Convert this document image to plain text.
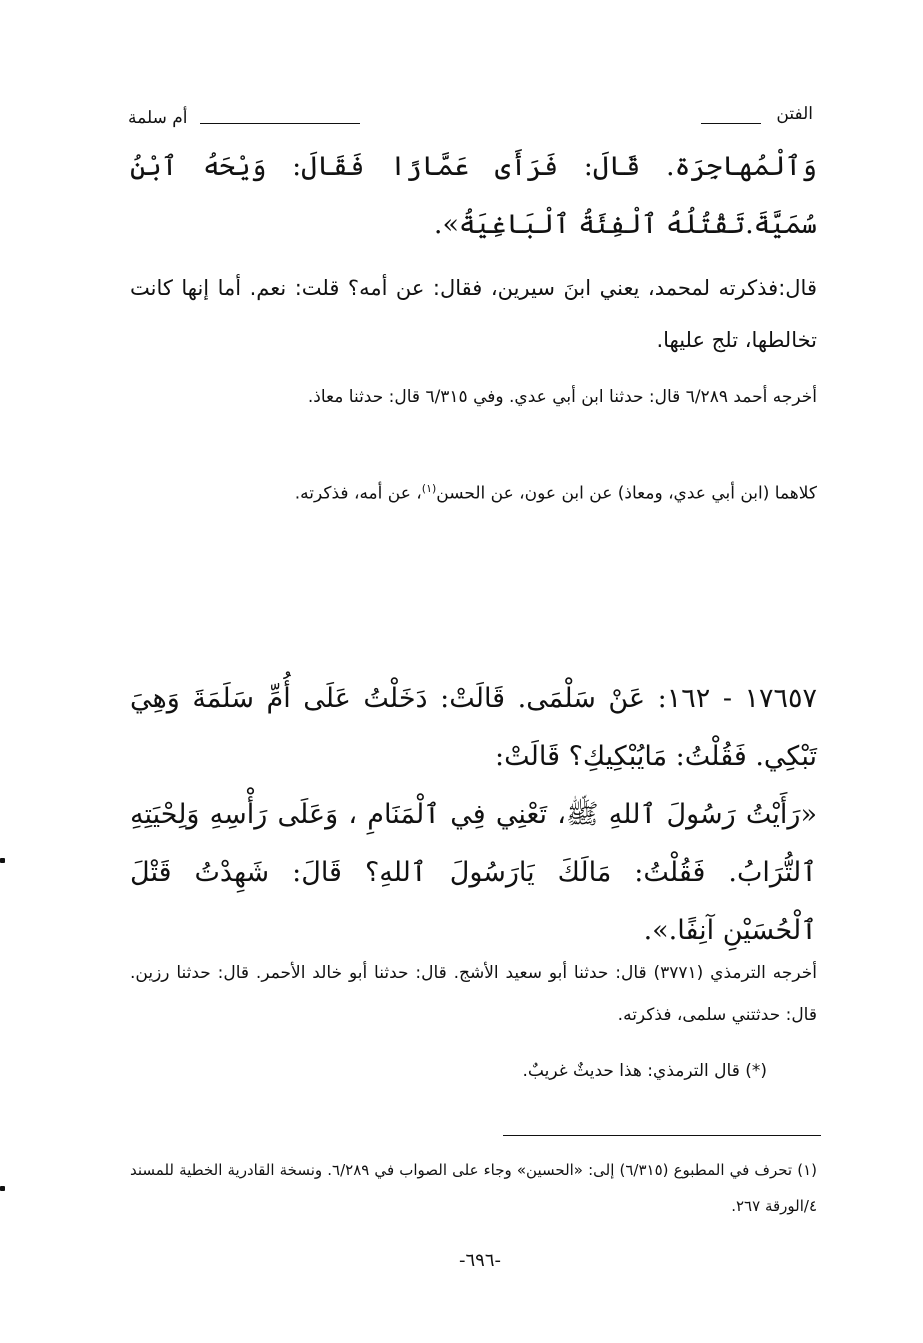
الفتن
أم سلمة

وَٱلْمُهاجِرَة. قَالَ: فَرَأَى عَمَّارًا فَقَالَ: وَيْحَهُ ٱبْنُ سُمَيَّةَ.تَقْتُلُهُ ٱلْفِئَةُ ٱلْبَاغِيَةُ».

قال:فذكرته لمحمد، يعني ابنَ سيرين، فقال: عن أمه؟ قلت: نعم. أما إنها كانت تخالطها، تلج عليها.

أخرجه أحمد ٦/٢٨٩ قال: حدثنا ابن أبي عدي. وفي ٦/٣١٥ قال: حدثنا معاذ.

كلاهما (ابن أبي عدي، ومعاذ) عن ابن عون، عن الحسن$^{(١)}$، عن أمه، فذكرته.

١٧٦٥٧ - ١٦٢: عَنْ سَلْمَى. قَالَتْ: دَخَلْتُ عَلَى أُمِّ سَلَمَةَ وَهِيَ تَبْكِي. فَقُلْتُ: مَايُبْكِيكِ؟ قَالَتْ:

«رَأَيْتُ رَسُولَ ٱللهِ ﷺ، تَعْنِي فِي ٱلْمَنَامِ ، وَعَلَى رَأْسِهِ وَلِحْيَتِهِ ٱلتُّرَابُ. فَقُلْتُ: مَالَكَ يَارَسُولَ ٱللهِ؟ قَالَ: شَهِدْتُ قَتْلَ ٱلْحُسَيْنِ آنِفًا.».

أخرجه الترمذي (٣٧٧١) قال: حدثنا أبو سعيد الأشج. قال: حدثنا أبو خالد الأحمر. قال: حدثنا رزين. قال: حدثتني سلمى، فذكرته.

(*) قال الترمذي: هذا حديثٌ غريبٌ.

(١) تحرف في المطبوع (٦/٣١٥) إلى: «الحسين» وجاء على الصواب في ٦/٢٨٩. ونسخة القادرية الخطية للمسند ٤/الورقة ٢٦٧.
-٦٩٦-
